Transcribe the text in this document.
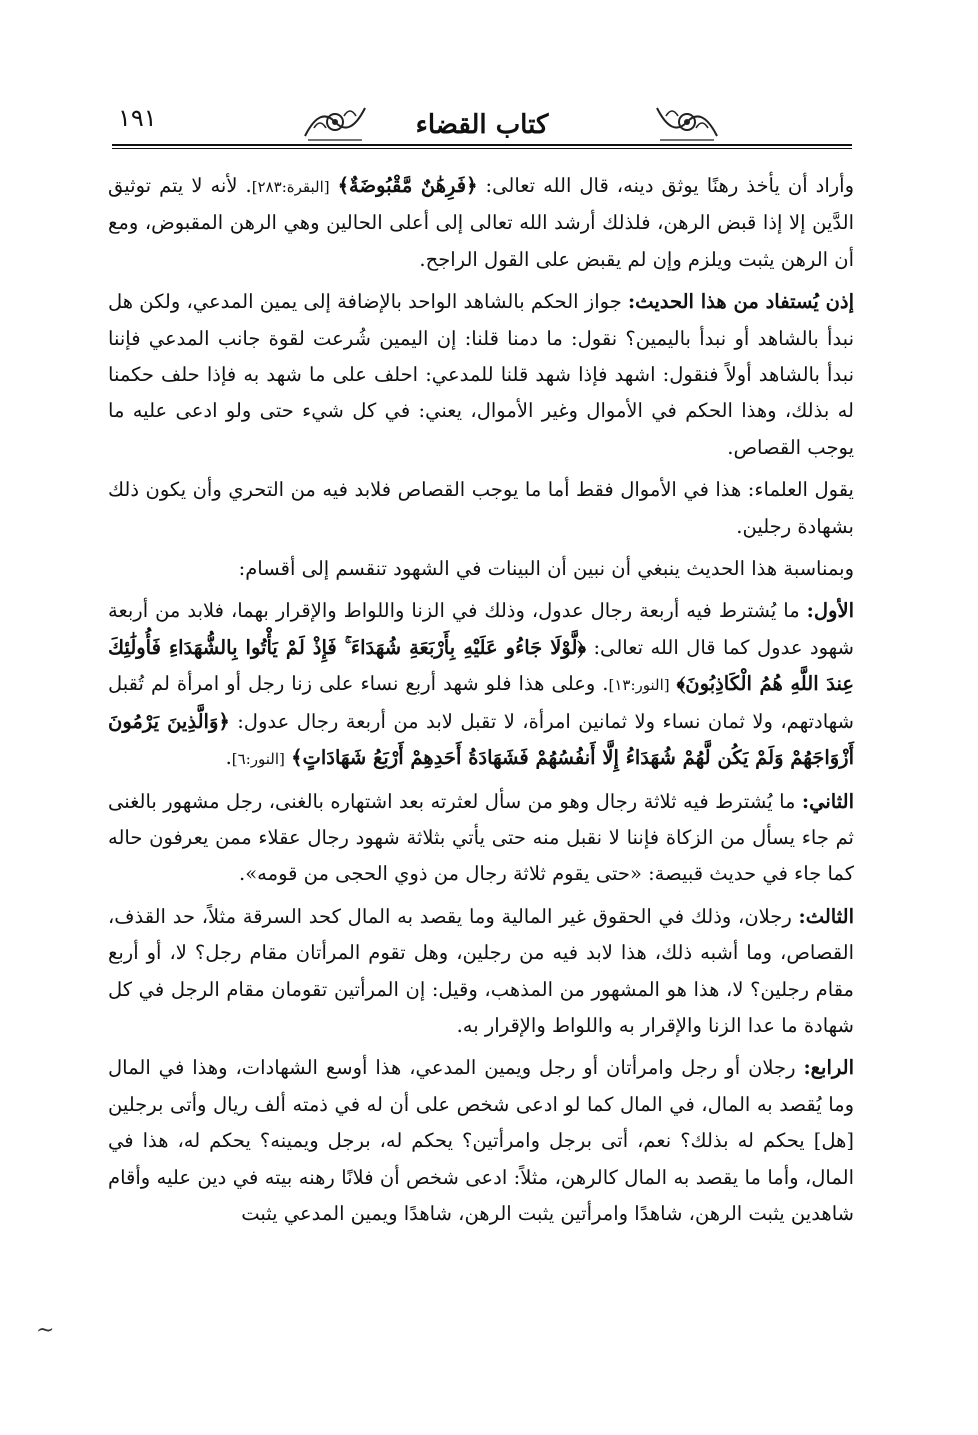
١٩١	كتاب القضاء

وأراد أن يأخذ رهنًا يوثق دينه، قال الله تعالى: ﴿فَرِهَٰنٌ مَّقْبُوضَةٌ﴾ [البقرة:٢٨٣]. لأنه لا يتم توثيق الدَّين إلا إذا قبض الرهن، فلذلك أرشد الله تعالى إلى أعلى الحالين وهي الرهن المقبوض، ومع أن الرهن يثبت ويلزم وإن لم يقبض على القول الراجح.

إذن يُستفاد من هذا الحديث: جواز الحكم بالشاهد الواحد بالإضافة إلى يمين المدعي، ولكن هل نبدأ بالشاهد أو نبدأ باليمين؟ نقول: ما دمنا قلنا: إن اليمين شُرعت لقوة جانب المدعي فإننا نبدأ بالشاهد أولاً فنقول: اشهد فإذا شهد قلنا للمدعي: احلف على ما شهد به فإذا حلف حكمنا له بذلك، وهذا الحكم في الأموال وغير الأموال، يعني: في كل شيء حتى ولو ادعى عليه ما يوجب القصاص.

يقول العلماء: هذا في الأموال فقط أما ما يوجب القصاص فلابد فيه من التحري وأن يكون ذلك بشهادة رجلين.

وبمناسبة هذا الحديث ينبغي أن نبين أن البينات في الشهود تنقسم إلى أقسام:

الأول: ما يُشترط فيه أربعة رجال عدول، وذلك في الزنا واللواط والإقرار بهما، فلابد من أربعة شهود عدول كما قال الله تعالى: ﴿لَّوْلَا جَاءُو عَلَيْهِ بِأَرْبَعَةِ شُهَدَاءَ ۚ فَإِذْ لَمْ يَأْتُوا بِالشُّهَدَاءِ فَأُولَٰئِكَ عِندَ اللَّهِ هُمُ الْكَاذِبُونَ﴾ [النور:١٣]. وعلى هذا فلو شهد أربع نساء على زنا رجل أو امرأة لم تُقبل شهادتهم، ولا ثمان نساء ولا ثمانين امرأة، لا تقبل لابد من أربعة رجال عدول: ﴿وَالَّذِينَ يَرْمُونَ أَزْوَاجَهُمْ وَلَمْ يَكُن لَّهُمْ شُهَدَاءُ إِلَّا أَنفُسُهُمْ فَشَهَادَةُ أَحَدِهِمْ أَرْبَعُ شَهَادَاتٍ﴾ [النور:٦].

الثاني: ما يُشترط فيه ثلاثة رجال وهو من سأل لعثرته بعد اشتهاره بالغنى، رجل مشهور بالغنى ثم جاء يسأل من الزكاة فإننا لا نقبل منه حتى يأتي بثلاثة شهود رجال عقلاء ممن يعرفون حاله كما جاء في حديث قبيصة: «حتى يقوم ثلاثة رجال من ذوي الحجى من قومه».

الثالث: رجلان، وذلك في الحقوق غير المالية وما يقصد به المال كحد السرقة مثلاً، حد القذف، القصاص، وما أشبه ذلك، هذا لابد فيه من رجلين، وهل تقوم المرأتان مقام رجل؟ لا، أو أربع مقام رجلين؟ لا، هذا هو المشهور من المذهب، وقيل: إن المرأتين تقومان مقام الرجل في كل شهادة ما عدا الزنا والإقرار به واللواط والإقرار به.

الرابع: رجلان أو رجل وامرأتان أو رجل ويمين المدعي، هذا أوسع الشهادات، وهذا في المال وما يُقصد به المال، في المال كما لو ادعى شخص على أن له في ذمته ألف ريال وأتى برجلين [هل] يحكم له بذلك؟ نعم، أتى برجل وامرأتين؟ يحكم له، برجل ويمينه؟ يحكم له، هذا في المال، وأما ما يقصد به المال كالرهن، مثلاً: ادعى شخص أن فلانًا رهنه بيته في دين عليه وأقام شاهدين يثبت الرهن، شاهدًا وامرأتين يثبت الرهن، شاهدًا ويمين المدعي يثبت

~
